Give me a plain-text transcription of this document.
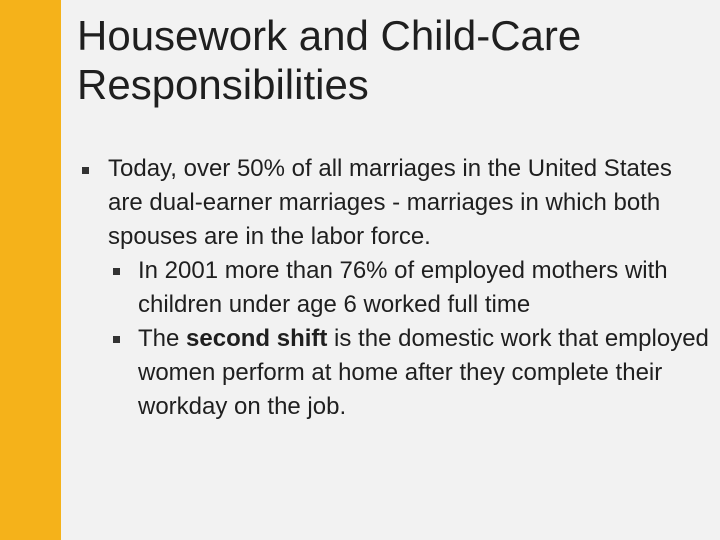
Housework and Child-Care Responsibilities
Today, over 50% of all marriages in the United States are dual-earner marriages - marriages in which both spouses are in the labor force.
In 2001 more than 76% of employed mothers with children under age 6 worked full time
The second shift is the domestic work that employed women perform at home after they complete their workday on the job.
